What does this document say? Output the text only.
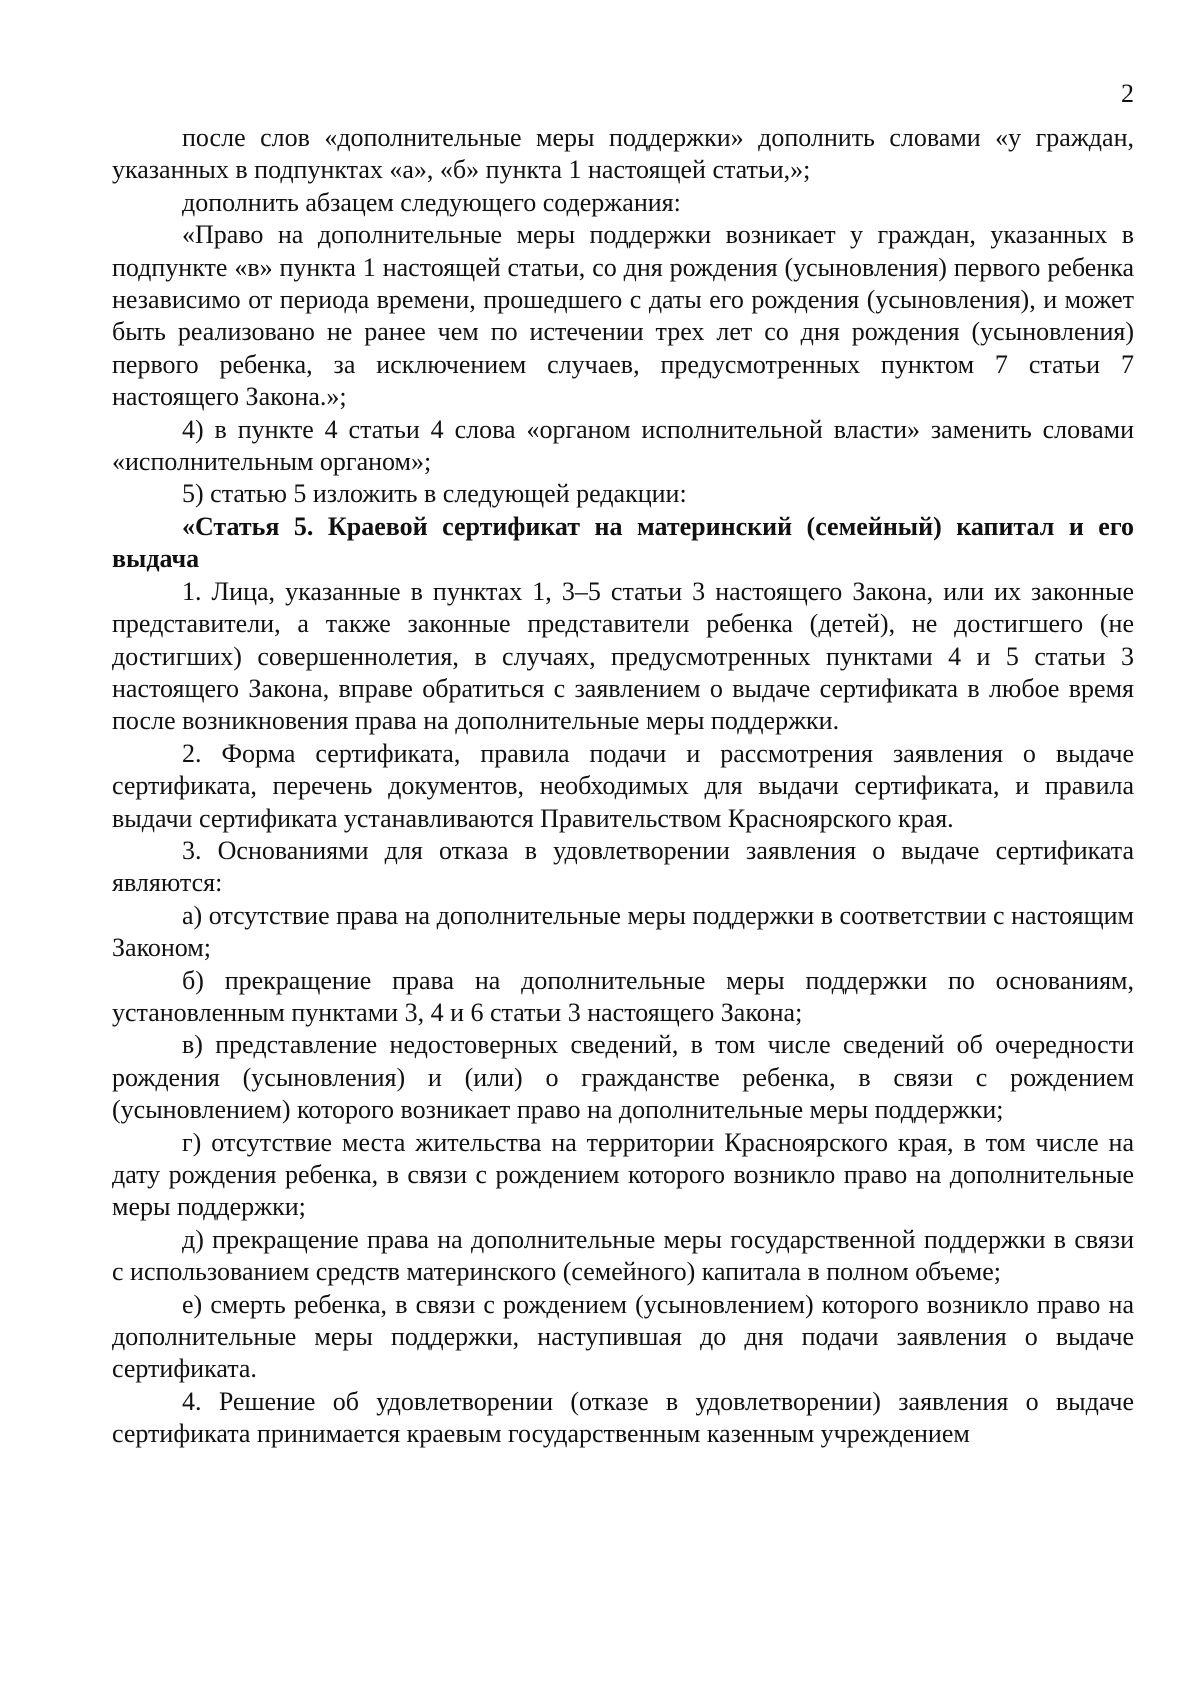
2

после слов «дополнительные меры поддержки» дополнить словами «у граждан, указанных в подпунктах «а», «б» пункта 1 настоящей статьи,»;

дополнить абзацем следующего содержания:

«Право на дополнительные меры поддержки возникает у граждан, указанных в подпункте «в» пункта 1 настоящей статьи, со дня рождения (усыновления) первого ребенка независимо от периода времени, прошедшего с даты его рождения (усыновления), и может быть реализовано не ранее чем по истечении трех лет со дня рождения (усыновления) первого ребенка, за исключением случаев, предусмотренных пунктом 7 статьи 7 настоящего Закона.»;

4) в пункте 4 статьи 4 слова «органом исполнительной власти» заменить словами «исполнительным органом»;

5) статью 5 изложить в следующей редакции:

«Статья 5. Краевой сертификат на материнский (семейный) капитал и его выдача

1. Лица, указанные в пунктах 1, 3–5 статьи 3 настоящего Закона, или их законные представители, а также законные представители ребенка (детей), не достигшего (не достигших) совершеннолетия, в случаях, предусмотренных пунктами 4 и 5 статьи 3 настоящего Закона, вправе обратиться с заявлением о выдаче сертификата в любое время после возникновения права на дополнительные меры поддержки.

2. Форма сертификата, правила подачи и рассмотрения заявления о выдаче сертификата, перечень документов, необходимых для выдачи сертификата, и правила выдачи сертификата устанавливаются Правительством Красноярского края.

3. Основаниями для отказа в удовлетворении заявления о выдаче сертификата являются:

а) отсутствие права на дополнительные меры поддержки в соответствии с настоящим Законом;

б) прекращение права на дополнительные меры поддержки по основаниям, установленным пунктами 3, 4 и 6 статьи 3 настоящего Закона;

в) представление недостоверных сведений, в том числе сведений об очередности рождения (усыновления) и (или) о гражданстве ребенка, в связи с рождением (усыновлением) которого возникает право на дополнительные меры поддержки;

г) отсутствие места жительства на территории Красноярского края, в том числе на дату рождения ребенка, в связи с рождением которого возникло право на дополнительные меры поддержки;

д) прекращение права на дополнительные меры государственной поддержки в связи с использованием средств материнского (семейного) капитала в полном объеме;

е) смерть ребенка, в связи с рождением (усыновлением) которого возникло право на дополнительные меры поддержки, наступившая до дня подачи заявления о выдаче сертификата.

4. Решение об удовлетворении (отказе в удовлетворении) заявления о выдаче сертификата принимается краевым государственным казенным учреждением
